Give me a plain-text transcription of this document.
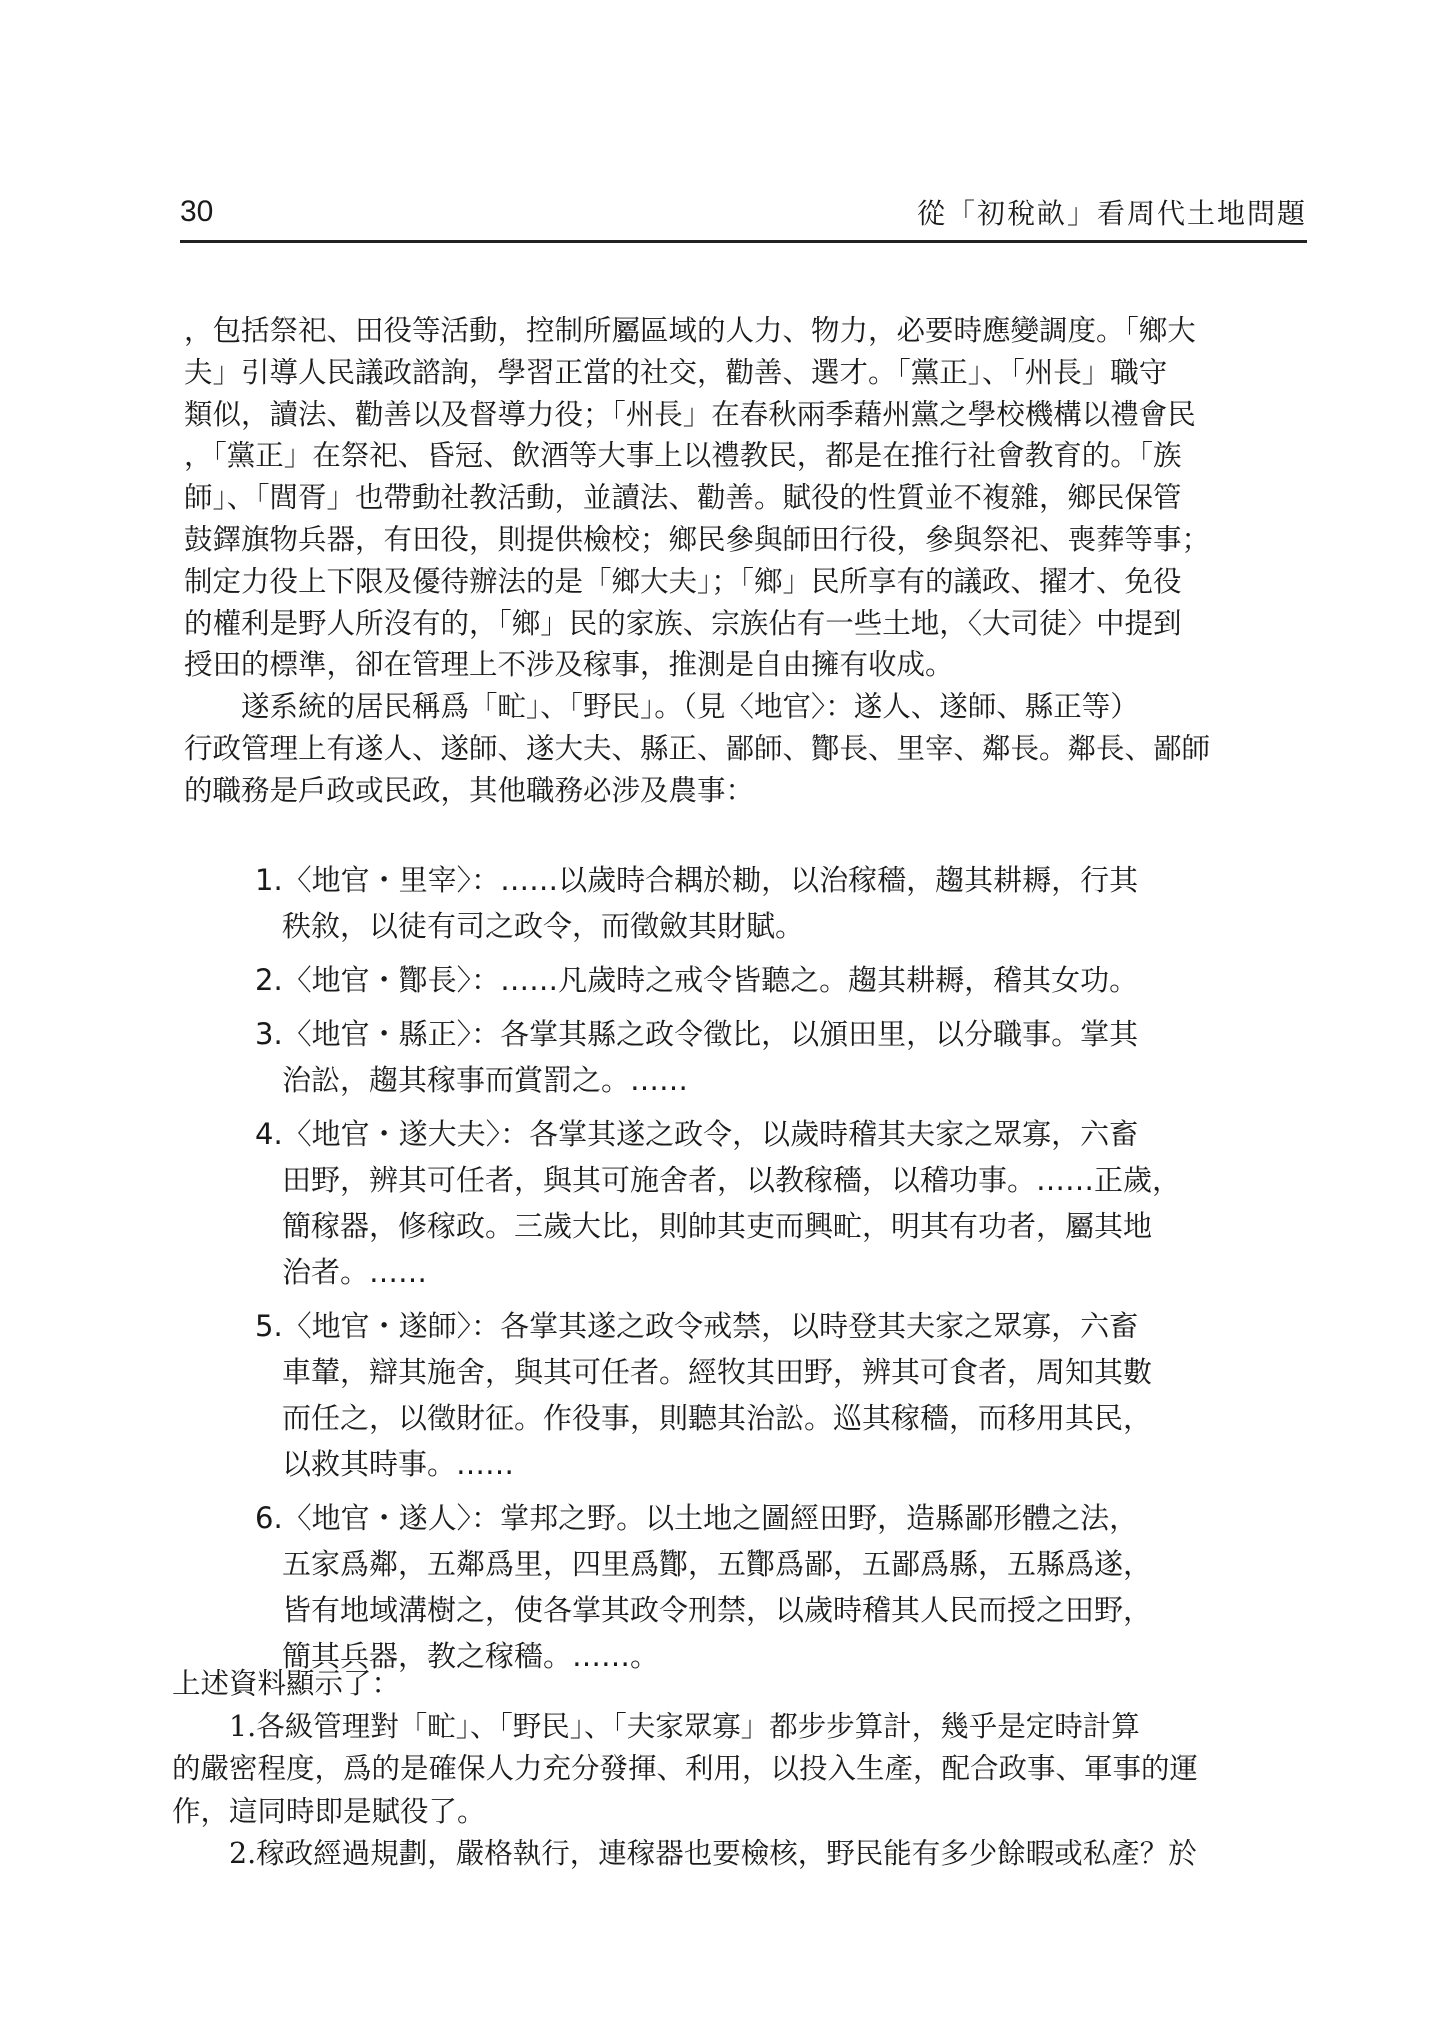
30	從「初稅畝」看周代土地問題
，包括祭祀、田役等活動，控制所屬區域的人力、物力，必要時應變調度。「鄉大
夫」引導人民議政諮詢，學習正當的社交，勸善、選才。「黨正」、「州長」職守
類似，讀法、勸善以及督導力役；「州長」在春秋兩季藉州黨之學校機構以禮會民
，「黨正」在祭祀、昏冠、飲酒等大事上以禮教民，都是在推行社會教育的。「族
師」、「閭胥」也帶動社教活動，並讀法、勸善。賦役的性質並不複雜，鄉民保管
鼓鐸旗物兵器，有田役，則提供檢校；鄉民參與師田行役，參與祭祀、喪葬等事；
制定力役上下限及優待辦法的是「鄉大夫」；「鄉」民所享有的議政、擢才、免役
的權利是野人所沒有的，「鄉」民的家族、宗族佔有一些土地，〈大司徒〉中提到
授田的標準，卻在管理上不涉及稼事，推測是自由擁有收成。
　　遂系統的居民稱爲「甿」、「野民」。（見〈地官〉：遂人、遂師、縣正等）
行政管理上有遂人、遂師、遂大夫、縣正、鄙師、酇長、里宰、鄰長。鄰長、鄙師
的職務是戶政或民政，其他職務必涉及農事：
1.〈地官・里宰〉：……以歲時合耦於耡，以治稼穡，趨其耕耨，行其
秩敘，以徒有司之政令，而徵斂其財賦。
2.〈地官・酇長〉：……凡歲時之戒令皆聽之。趨其耕耨，稽其女功。
3.〈地官・縣正〉：各掌其縣之政令徵比，以頒田里，以分職事。掌其
治訟，趨其稼事而賞罰之。……
4.〈地官・遂大夫〉：各掌其遂之政令，以歲時稽其夫家之眾寡，六畜
田野，辨其可任者，與其可施舍者，以教稼穡，以稽功事。……正歲，
簡稼器，修稼政。三歲大比，則帥其吏而興甿，明其有功者，屬其地
治者。……
5.〈地官・遂師〉：各掌其遂之政令戒禁，以時登其夫家之眾寡，六畜
車輦，辯其施舍，與其可任者。經牧其田野，辨其可食者，周知其數
而任之，以徵財征。作役事，則聽其治訟。巡其稼穡，而移用其民，
以救其時事。……
6.〈地官・遂人〉：掌邦之野。以土地之圖經田野，造縣鄙形體之法，
五家爲鄰，五鄰爲里，四里爲酇，五酇爲鄙，五鄙爲縣，五縣爲遂，
皆有地域溝樹之，使各掌其政令刑禁，以歲時稽其人民而授之田野，
簡其兵器，教之稼穡。……。
上述資料顯示了：
　　1.各級管理對「甿」、「野民」、「夫家眾寡」都步步算計，幾乎是定時計算
的嚴密程度，爲的是確保人力充分發揮、利用，以投入生產，配合政事、軍事的運
作，這同時即是賦役了。
　　2.稼政經過規劃，嚴格執行，連稼器也要檢核，野民能有多少餘暇或私產？於
